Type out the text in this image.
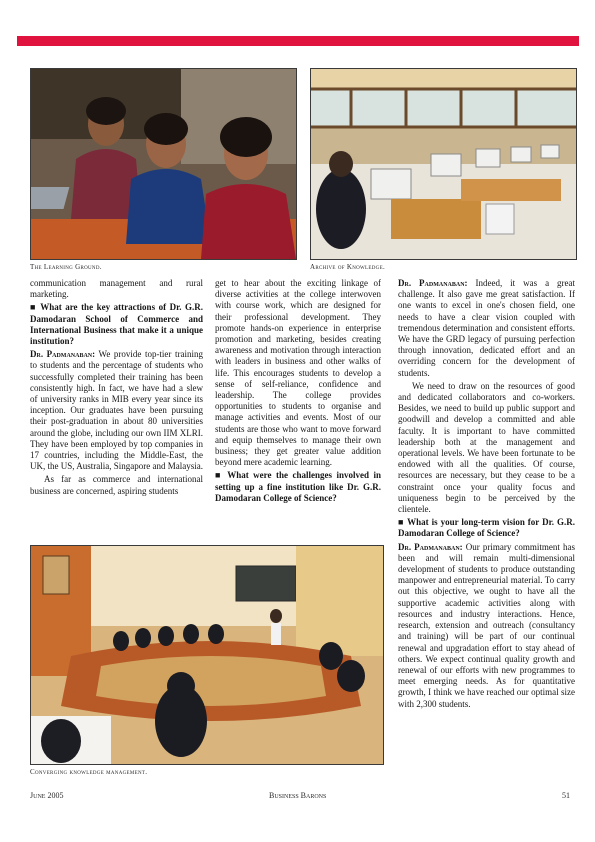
The Learning Ground.	Archive of Knowledge.

communication management and rural marketing.

■ What are the key attractions of Dr. G.R. Damodaran School of Commerce and International Business that make it a unique institution?

Dr. Padmanaban: We provide top-tier training to students and the percentage of students who successfully completed their training has been consistently high. In fact, we have had a slew of university ranks in MIB every year since its inception. Our graduates have been pursuing their post-graduation in about 80 universities around the globe, including our own IIM XLRI. They have been employed by top companies in 17 countries, including the Middle-East, the UK, the US, Australia, Singapore and Malaysia.

As far as commerce and international business are concerned, aspiring students

get to hear about the exciting linkage of diverse activities at the college interwoven with course work, which are designed for their professional development. They promote hands-on experience in enterprise promotion and marketing, besides creating awareness and motivation through interaction with leaders in business and other walks of life. This encourages students to develop a sense of self-reliance, confidence and leadership. The college provides opportunities to students to organise and manage activities and events. Most of our students are those who want to move forward and equip themselves to manage their own business; they get greater value addition beyond mere academic learning.

■ What were the challenges involved in setting up a fine institution like Dr. G.R. Damodaran College of Science?

Dr. Padmanaban: Indeed, it was a great challenge. It also gave me great satisfaction. If one wants to excel in one's chosen field, one needs to have a clear vision coupled with tremendous determination and consistent efforts. We have the GRD legacy of pursuing perfection through innovation, dedicated effort and an overriding concern for the development of students.

We need to draw on the resources of good and dedicated collaborators and co-workers. Besides, we need to build up public support and goodwill and develop a committed and able faculty. It is important to have committed leadership both at the management and operational levels. We have been fortunate to be endowed with all the qualities. Of course, resources are necessary, but they cease to be a constraint once your quality focus and uniqueness begin to be perceived by the clientele.

■ What is your long-term vision for Dr. G.R. Damodaran College of Science?

Dr. Padmanaban: Our primary commitment has been and will remain multi-dimensional development of students to produce outstanding manpower and entrepreneurial material. To carry out this objective, we ought to have all the supportive academic activities along with resources and industry interactions. Hence, research, extension and outreach (consultancy and training) will be part of our continual renewal and upgradation effort to stay ahead of others. We expect continual quality growth and renewal of our efforts with new programmes to meet emerging needs. As for quantitative growth, I think we have reached our optimal size with 2,300 students.

Converging knowledge management.
June 2005	Business Barons	51
